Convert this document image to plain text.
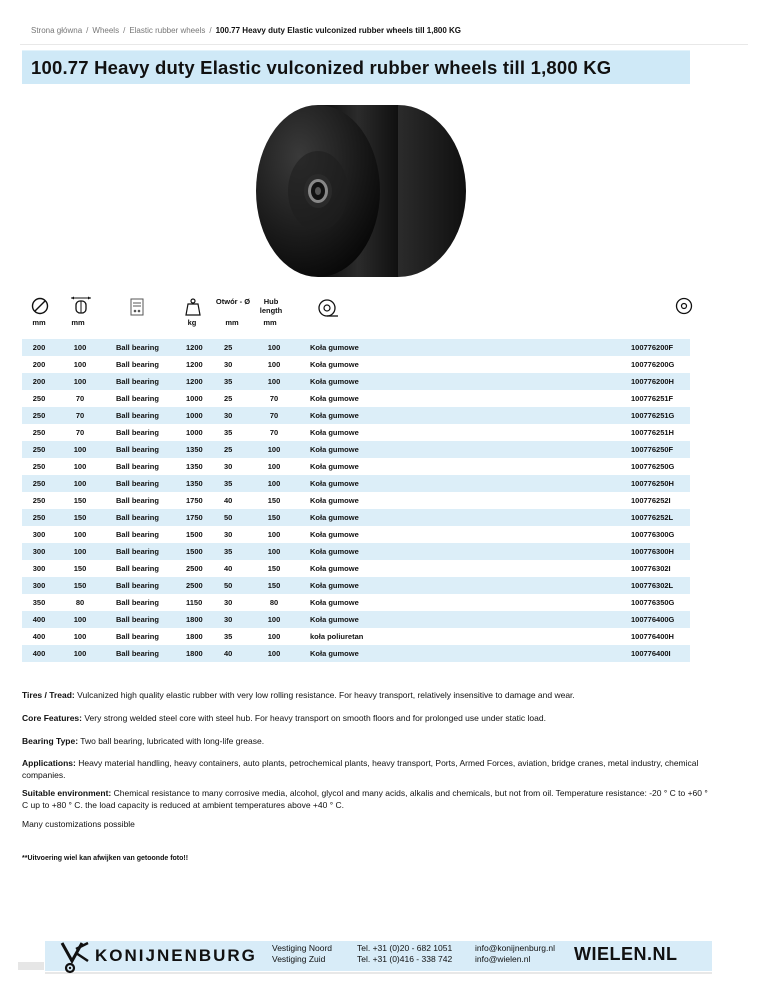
Strona główna / Wheels / Elastic rubber wheels / 100.77 Heavy duty Elastic vulconized rubber wheels till 1,800 KG
100.77 Heavy duty Elastic vulconized rubber wheels till 1,800 KG
Otwór - Ø	Hub length
mm	mm	kg	mm	mm
200	100	Ball bearing	1200	25	100	Koła gumowe	100776200F
200	100	Ball bearing	1200	30	100	Koła gumowe	100776200G
200	100	Ball bearing	1200	35	100	Koła gumowe	100776200H
250	70	Ball bearing	1000	25	70	Koła gumowe	100776251F
250	70	Ball bearing	1000	30	70	Koła gumowe	100776251G
250	70	Ball bearing	1000	35	70	Koła gumowe	100776251H
250	100	Ball bearing	1350	25	100	Koła gumowe	100776250F
250	100	Ball bearing	1350	30	100	Koła gumowe	100776250G
250	100	Ball bearing	1350	35	100	Koła gumowe	100776250H
250	150	Ball bearing	1750	40	150	Koła gumowe	100776252I
250	150	Ball bearing	1750	50	150	Koła gumowe	100776252L
300	100	Ball bearing	1500	30	100	Koła gumowe	100776300G
300	100	Ball bearing	1500	35	100	Koła gumowe	100776300H
300	150	Ball bearing	2500	40	150	Koła gumowe	100776302I
300	150	Ball bearing	2500	50	150	Koła gumowe	100776302L
350	80	Ball bearing	1150	30	80	Koła gumowe	100776350G
400	100	Ball bearing	1800	30	100	Koła gumowe	100776400G
400	100	Ball bearing	1800	35	100	koła poliuretan	100776400H
400	100	Ball bearing	1800	40	100	Koła gumowe	100776400I
Tires / Tread: Vulcanized high quality elastic rubber with very low rolling resistance. For heavy transport, relatively insensitive to damage and wear.
Core Features: Very strong welded steel core with steel hub. For heavy transport on smooth floors and for prolonged use under static load.
Bearing Type: Two ball bearing, lubricated with long-life grease.
Applications: Heavy material handling, heavy containers, auto plants, petrochemical plants, heavy transport, Ports, Armed Forces, aviation, bridge cranes, metal industry, chemical companies.
Suitable environment: Chemical resistance to many corrosive media, alcohol, glycol and many acids, alkalis and chemicals, but not from oil. Temperature resistance: -20 ° C to +60 ° C up to +80 ° C. the load capacity is reduced at ambient temperatures above +40 ° C.
Many customizations possible
**Uitvoering wiel kan afwijken van getoonde foto!!
KONIJNENBURG Vestiging Noord
Vestiging Zuid
Tel. +31 (0)20 - 682 1051
Tel. +31 (0)416 - 338 742
info@konijnenburg.nl
info@wielen.nl	WIELEN.NL
